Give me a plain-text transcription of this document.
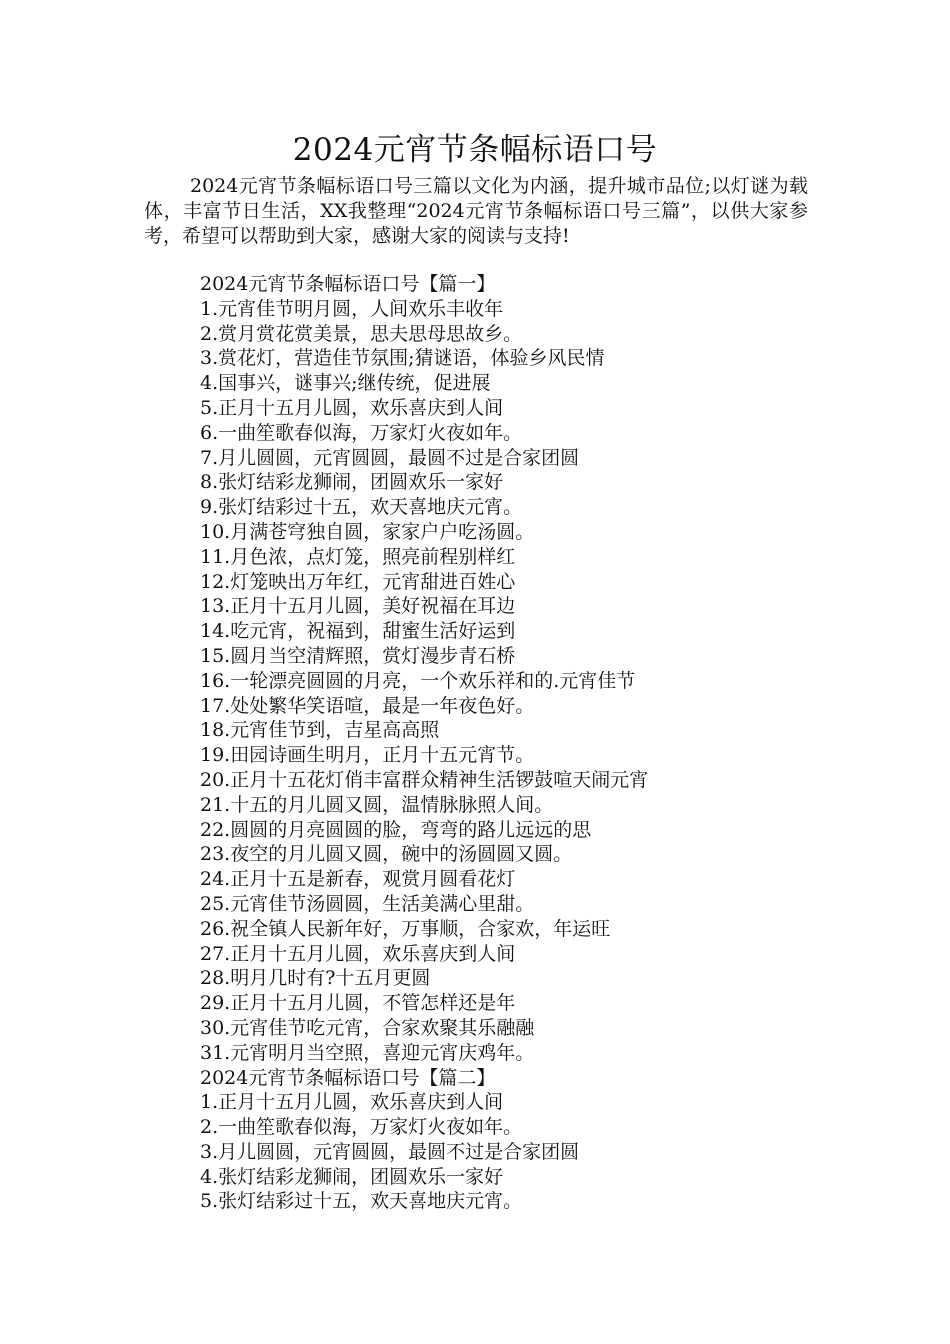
2024元宵节条幅标语口号
2024元宵节条幅标语口号三篇以文化为内涵，提升城市品位;以灯谜为载体，丰富节日生活，XX我整理“2024元宵节条幅标语口号三篇”，以供大家参考，希望可以帮助到大家，感谢大家的阅读与支持!
2024元宵节条幅标语口号【篇一】
1.元宵佳节明月圆，人间欢乐丰收年
2.赏月赏花赏美景，思夫思母思故乡。
3.赏花灯，营造佳节氛围;猜谜语，体验乡风民情
4.国事兴，谜事兴;继传统，促进展
5.正月十五月儿圆，欢乐喜庆到人间
6.一曲笙歌春似海，万家灯火夜如年。
7.月儿圆圆，元宵圆圆，最圆不过是合家团圆
8.张灯结彩龙狮闹，团圆欢乐一家好
9.张灯结彩过十五，欢天喜地庆元宵。
10.月满苍穹独自圆，家家户户吃汤圆。
11.月色浓，点灯笼，照亮前程别样红
12.灯笼映出万年红，元宵甜进百姓心
13.正月十五月儿圆，美好祝福在耳边
14.吃元宵，祝福到，甜蜜生活好运到
15.圆月当空清辉照，赏灯漫步青石桥
16.一轮漂亮圆圆的月亮，一个欢乐祥和的.元宵佳节
17.处处繁华笑语喧，最是一年夜色好。
18.元宵佳节到，吉星高高照
19.田园诗画生明月，正月十五元宵节。
20.正月十五花灯俏丰富群众精神生活锣鼓喧天闹元宵
21.十五的月儿圆又圆，温情脉脉照人间。
22.圆圆的月亮圆圆的脸，弯弯的路儿远远的思
23.夜空的月儿圆又圆，碗中的汤圆圆又圆。
24.正月十五是新春，观赏月圆看花灯
25.元宵佳节汤圆圆，生活美满心里甜。
26.祝全镇人民新年好，万事顺，合家欢，年运旺
27.正月十五月儿圆，欢乐喜庆到人间
28.明月几时有?十五月更圆
29.正月十五月儿圆，不管怎样还是年
30.元宵佳节吃元宵，合家欢聚其乐融融
31.元宵明月当空照，喜迎元宵庆鸡年。
2024元宵节条幅标语口号【篇二】
1.正月十五月儿圆，欢乐喜庆到人间
2.一曲笙歌春似海，万家灯火夜如年。
3.月儿圆圆，元宵圆圆，最圆不过是合家团圆
4.张灯结彩龙狮闹，团圆欢乐一家好
5.张灯结彩过十五，欢天喜地庆元宵。
